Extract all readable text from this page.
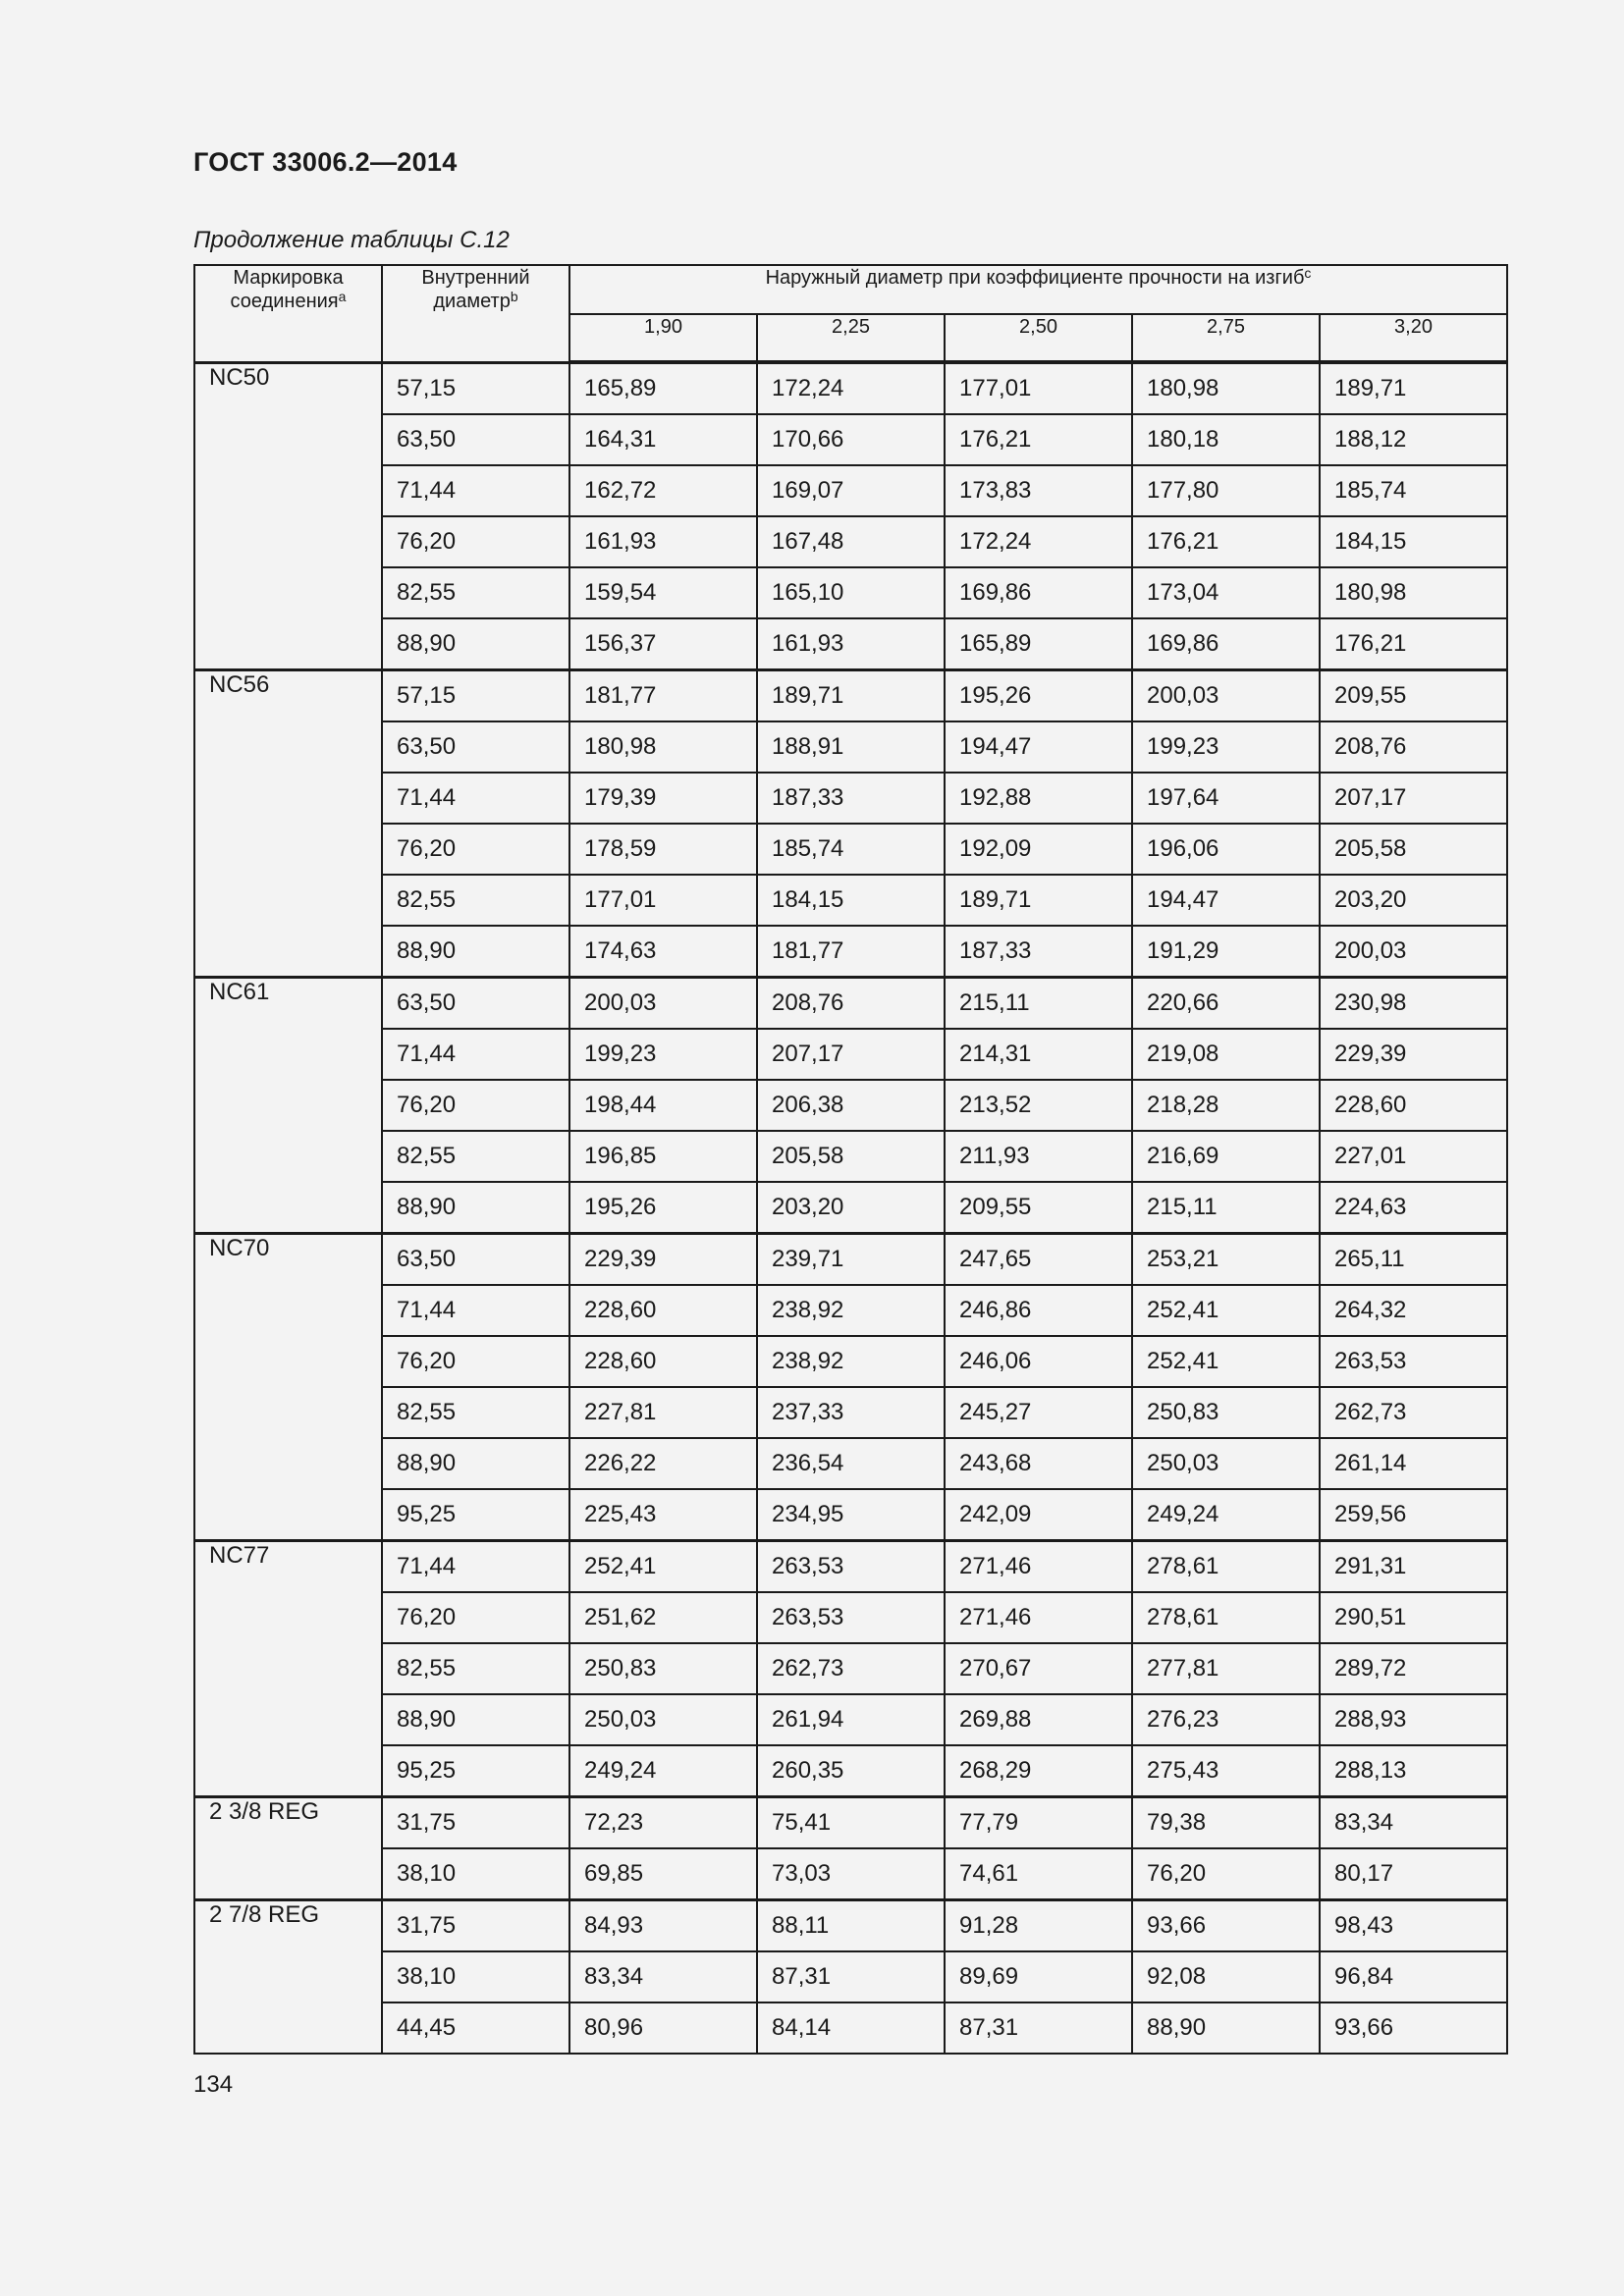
ГОСТ 33006.2—2014
Продолжение таблицы С.12
Маркировка соединения$^a$	Внутренний диаметр$^b$	Наружный диаметр при коэффициенте прочности на изгиб$^c$
		1,90	2,25	2,50	2,75	3,20
NC50	57,15	165,89	172,24	177,01	180,98	189,71
	63,50	164,31	170,66	176,21	180,18	188,12
	71,44	162,72	169,07	173,83	177,80	185,74
	76,20	161,93	167,48	172,24	176,21	184,15
	82,55	159,54	165,10	169,86	173,04	180,98
	88,90	156,37	161,93	165,89	169,86	176,21
NC56	57,15	181,77	189,71	195,26	200,03	209,55
	63,50	180,98	188,91	194,47	199,23	208,76
	71,44	179,39	187,33	192,88	197,64	207,17
	76,20	178,59	185,74	192,09	196,06	205,58
	82,55	177,01	184,15	189,71	194,47	203,20
	88,90	174,63	181,77	187,33	191,29	200,03
NC61	63,50	200,03	208,76	215,11	220,66	230,98
	71,44	199,23	207,17	214,31	219,08	229,39
	76,20	198,44	206,38	213,52	218,28	228,60
	82,55	196,85	205,58	211,93	216,69	227,01
	88,90	195,26	203,20	209,55	215,11	224,63
NC70	63,50	229,39	239,71	247,65	253,21	265,11
	71,44	228,60	238,92	246,86	252,41	264,32
	76,20	228,60	238,92	246,06	252,41	263,53
	82,55	227,81	237,33	245,27	250,83	262,73
	88,90	226,22	236,54	243,68	250,03	261,14
	95,25	225,43	234,95	242,09	249,24	259,56
NC77	71,44	252,41	263,53	271,46	278,61	291,31
	76,20	251,62	263,53	271,46	278,61	290,51
	82,55	250,83	262,73	270,67	277,81	289,72
	88,90	250,03	261,94	269,88	276,23	288,93
	95,25	249,24	260,35	268,29	275,43	288,13
2 3/8 REG	31,75	72,23	75,41	77,79	79,38	83,34
	38,10	69,85	73,03	74,61	76,20	80,17
2 7/8 REG	31,75	84,93	88,11	91,28	93,66	98,43
	38,10	83,34	87,31	89,69	92,08	96,84
	44,45	80,96	84,14	87,31	88,90	93,66
134
